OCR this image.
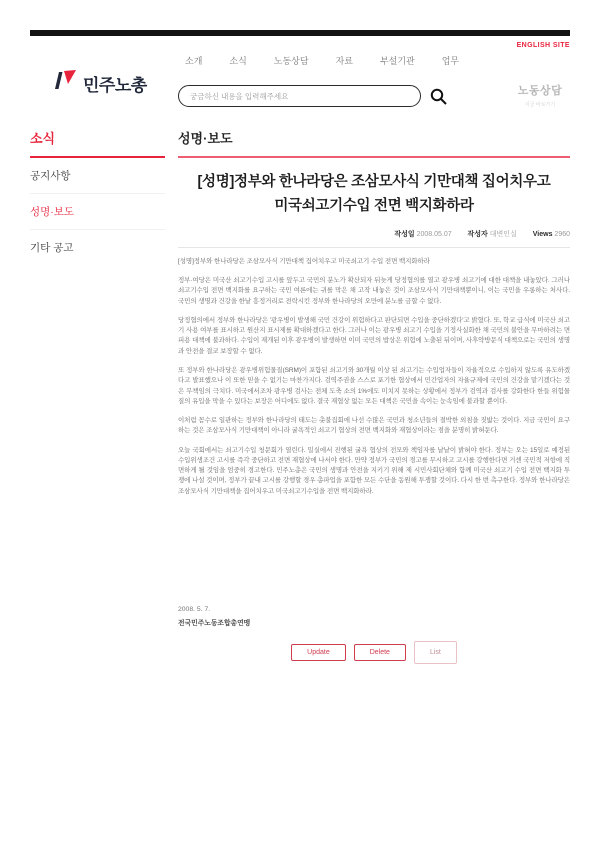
ENGLISH SITE
민주노총
소개	소식	노동상담	자료	부설기관	업무
궁금하신 내용을 입력해주세요
노동상담
지금 바로가기
소식
공지사항
성명·보도
기타 공고
성명·보도
[성명]정부와 한나라당은 조삼모사식 기만대책 집어치우고
미국쇠고기수입 전면 백지화하라
작성일 2008.05.07 작성자 대변인실 Views 2960
[성명]정부와 한나라당은 조삼모사식 기만대책 집어치우고 미국쇠고기 수입 전면 백지화하라
정부·여당은 미국산 쇠고기수입 고시를 앞두고 국민의 분노가 확산되자 뒤늦게 당정협의를 열고 광우병 쇠고기에 대한 대책을 내놓았다. 그러나 쇠고기수입 전면 백지화를 요구하는 국민 여론에는 귀를 막은 채 고작 내놓은 것이 조삼모사식 기만대책뿐이니, 이는 국민을 우롱하는 처사다. 국민의 생명과 건강을 한낱 흥정거리로 전락시킨 정부와 한나라당의 오만에 분노를 금할 수 없다.
당정협의에서 정부와 한나라당은 '광우병이 발생해 국민 건강이 위험하다고 판단되면 수입을 중단하겠다'고 밝혔다. 또, 학교 급식에 미국산 쇠고기 사용 여부를 표시하고 원산지 표시제를 확대하겠다고 한다. 그러나 이는 광우병 쇠고기 수입을 기정사실화한 채 국민의 불안을 무마하려는 면피용 대책에 불과하다. 수입이 재개된 이후 광우병이 발생하면 이미 국민의 밥상은 위험에 노출된 뒤이며, 사후약방문식 대책으로는 국민의 생명과 안전을 결코 보장할 수 없다.
또 정부와 한나라당은 광우병위험물질(SRM)이 포함된 쇠고기와 30개월 이상 된 쇠고기는 수입업자들이 자율적으로 수입하지 않도록 유도하겠다고 발표했으나 이 또한 믿을 수 없기는 마찬가지다. 검역주권을 스스로 포기한 협상에서 민간업자의 자율규제에 국민의 건강을 맡기겠다는 것은 무책임의 극치다. 미국에서조차 광우병 검사는 전체 도축 소의 1%에도 미치지 못하는 상황에서 정부가 검역과 검사를 강화한다 한들 위험물질의 유입을 막을 수 있다는 보장은 어디에도 없다. 결국 재협상 없는 모든 대책은 국민을 속이는 눈속임에 불과할 뿐이다.
이처럼 꼼수로 일관하는 정부와 한나라당의 태도는 촛불집회에 나선 수많은 국민과 청소년들의 절박한 외침을 짓밟는 것이다. 지금 국민이 요구하는 것은 조삼모사식 기만대책이 아니라 굴욕적인 쇠고기 협상의 전면 백지화와 재협상이라는 점을 분명히 밝혀둔다.
오늘 국회에서는 쇠고기수입 청문회가 열린다. 밀실에서 진행된 굴욕 협상의 전모와 책임자를 낱낱이 밝혀야 한다. 정부는 오는 15일로 예정된 수입위생조건 고시를 즉각 중단하고 전면 재협상에 나서야 한다. 만약 정부가 국민의 경고를 무시하고 고시를 강행한다면 거센 국민적 저항에 직면하게 될 것임을 엄중히 경고한다. 민주노총은 국민의 생명과 안전을 지키기 위해 제 시민사회단체와 함께 미국산 쇠고기 수입 전면 백지화 투쟁에 나설 것이며, 정부가 끝내 고시를 강행할 경우 총파업을 포함한 모든 수단을 동원해 투쟁할 것이다. 다시 한 번 촉구한다. 정부와 한나라당은 조삼모사식 기만대책을 집어치우고 미국쇠고기수입을 전면 백지화하라.
2008. 5. 7.
전국민주노동조합총연맹
Update	Delete	List
